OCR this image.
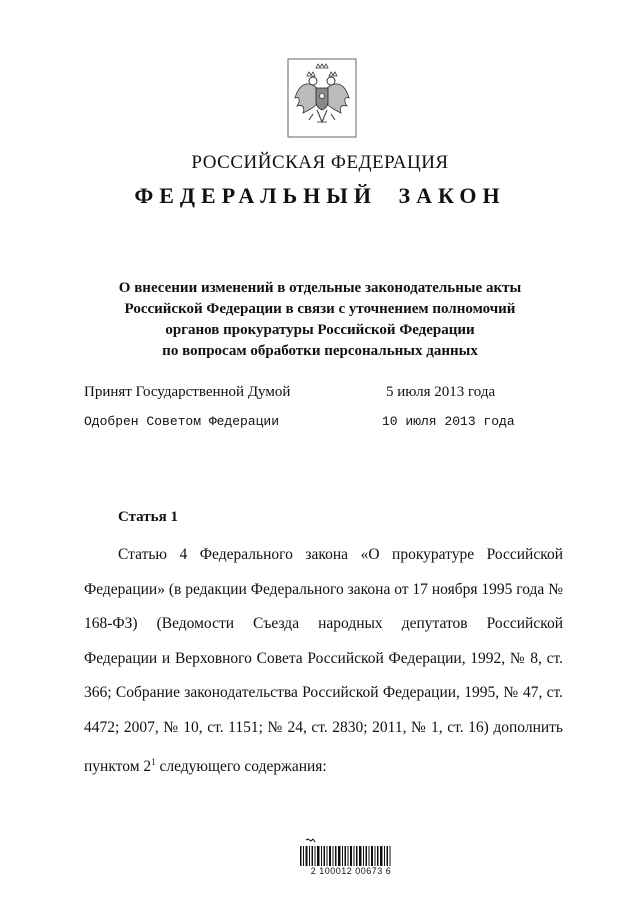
РОССИЙСКАЯ ФЕДЕРАЦИЯ
ФЕДЕРАЛЬНЫЙ ЗАКОН
О внесении изменений в отдельные законодательные акты
Российской Федерации в связи с уточнением полномочий
органов прокуратуры Российской Федерации
по вопросам обработки персональных данных
Принят Государственной Думой	5 июля 2013 года
Одобрен Советом Федерации	10 июля 2013 года
Статья 1

Статью 4 Федерального закона «О прокуратуре Российской Федерации» (в редакции Федерального закона от 17 ноября 1995 года № 168-ФЗ) (Ведомости Съезда народных депутатов Российской Федерации и Верховного Совета Российской Федерации, 1992, № 8, ст. 366; Собрание законодательства Российской Федерации, 1995, № 47, ст. 4472; 2007, № 10, ст. 1151; № 24, ст. 2830; 2011, № 1, ст. 16) дополнить пунктом $2^1$ следующего содержания:

2 100012 00673 6
